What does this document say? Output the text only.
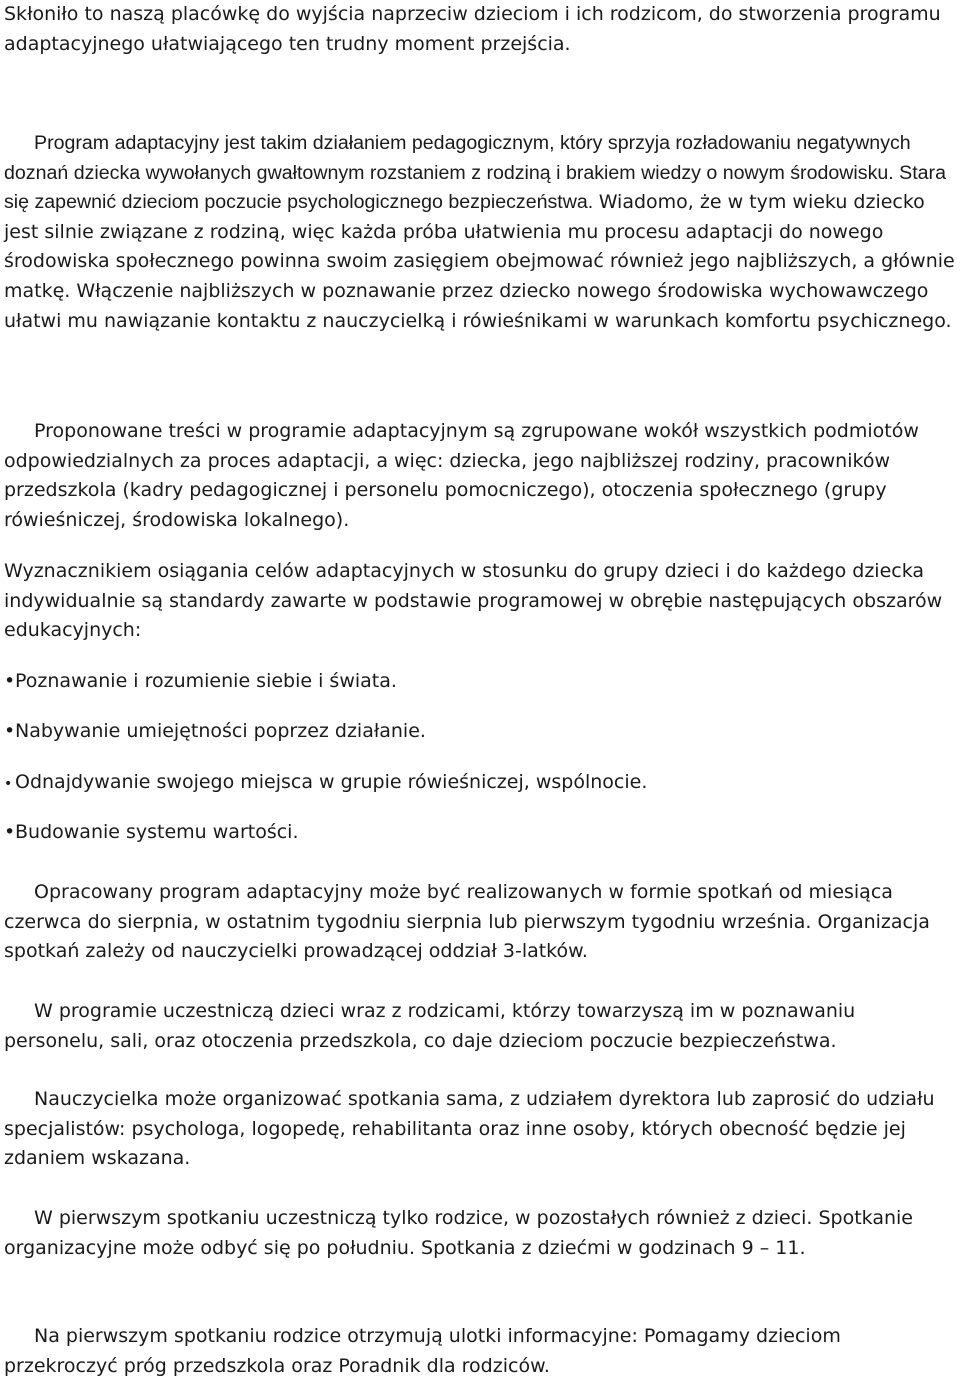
Skłoniło to naszą placówkę do wyjścia naprzeciw dzieciom i ich rodzicom, do stworzenia programu adaptacyjnego ułatwiającego ten trudny moment przejścia.

Program adaptacyjny jest takim działaniem pedagogicznym, który sprzyja rozładowaniu negatywnych doznań dziecka wywołanych gwałtownym rozstaniem z rodziną i brakiem wiedzy o nowym środowisku. Stara się zapewnić dzieciom poczucie psychologicznego bezpieczeństwa. Wiadomo, że w tym wieku dziecko jest silnie związane z rodziną, więc każda próba ułatwienia mu procesu adaptacji do nowego środowiska społecznego powinna swoim zasięgiem obejmować również jego najbliższych, a głównie matkę. Włączenie najbliższych w poznawanie przez dziecko nowego środowiska wychowawczego ułatwi mu nawiązanie kontaktu z nauczycielką i rówieśnikami w warunkach komfortu psychicznego.

Proponowane treści w programie adaptacyjnym są zgrupowane wokół wszystkich podmiotów odpowiedzialnych za proces adaptacji, a więc: dziecka, jego najbliższej rodziny, pracowników przedszkola (kadry pedagogicznej i personelu pomocniczego), otoczenia społecznego (grupy rówieśniczej, środowiska lokalnego).

Wyznacznikiem osiągania celów adaptacyjnych w stosunku do grupy dzieci i do każdego dziecka indywidualnie są standardy zawarte w podstawie programowej w obrębie następujących obszarów edukacyjnych:

•Poznawanie i rozumienie siebie i świata.
•Nabywanie umiejętności poprzez działanie.
• Odnajdywanie swojego miejsca w grupie rówieśniczej, wspólnocie.
•Budowanie systemu wartości.

Opracowany program adaptacyjny może być realizowanych w formie spotkań od miesiąca czerwca do sierpnia, w ostatnim tygodniu sierpnia lub pierwszym tygodniu września. Organizacja spotkań zależy od nauczycielki prowadzącej oddział 3-latków.

W programie uczestniczą dzieci wraz z rodzicami, którzy towarzyszą im w poznawaniu personelu, sali, oraz otoczenia przedszkola, co daje dzieciom poczucie bezpieczeństwa.

Nauczycielka może organizować spotkania sama, z udziałem dyrektora lub zaprosić do udziału specjalistów: psychologa, logopedę, rehabilitanta oraz inne osoby, których obecność będzie jej zdaniem wskazana.

W pierwszym spotkaniu uczestniczą tylko rodzice, w pozostałych również z dzieci. Spotkanie organizacyjne może odbyć się po południu. Spotkania z dziećmi w godzinach 9 – 11.

Na pierwszym spotkaniu rodzice otrzymują ulotki informacyjne: Pomagamy dzieciom przekroczyć próg przedszkola oraz Poradnik dla rodziców.
